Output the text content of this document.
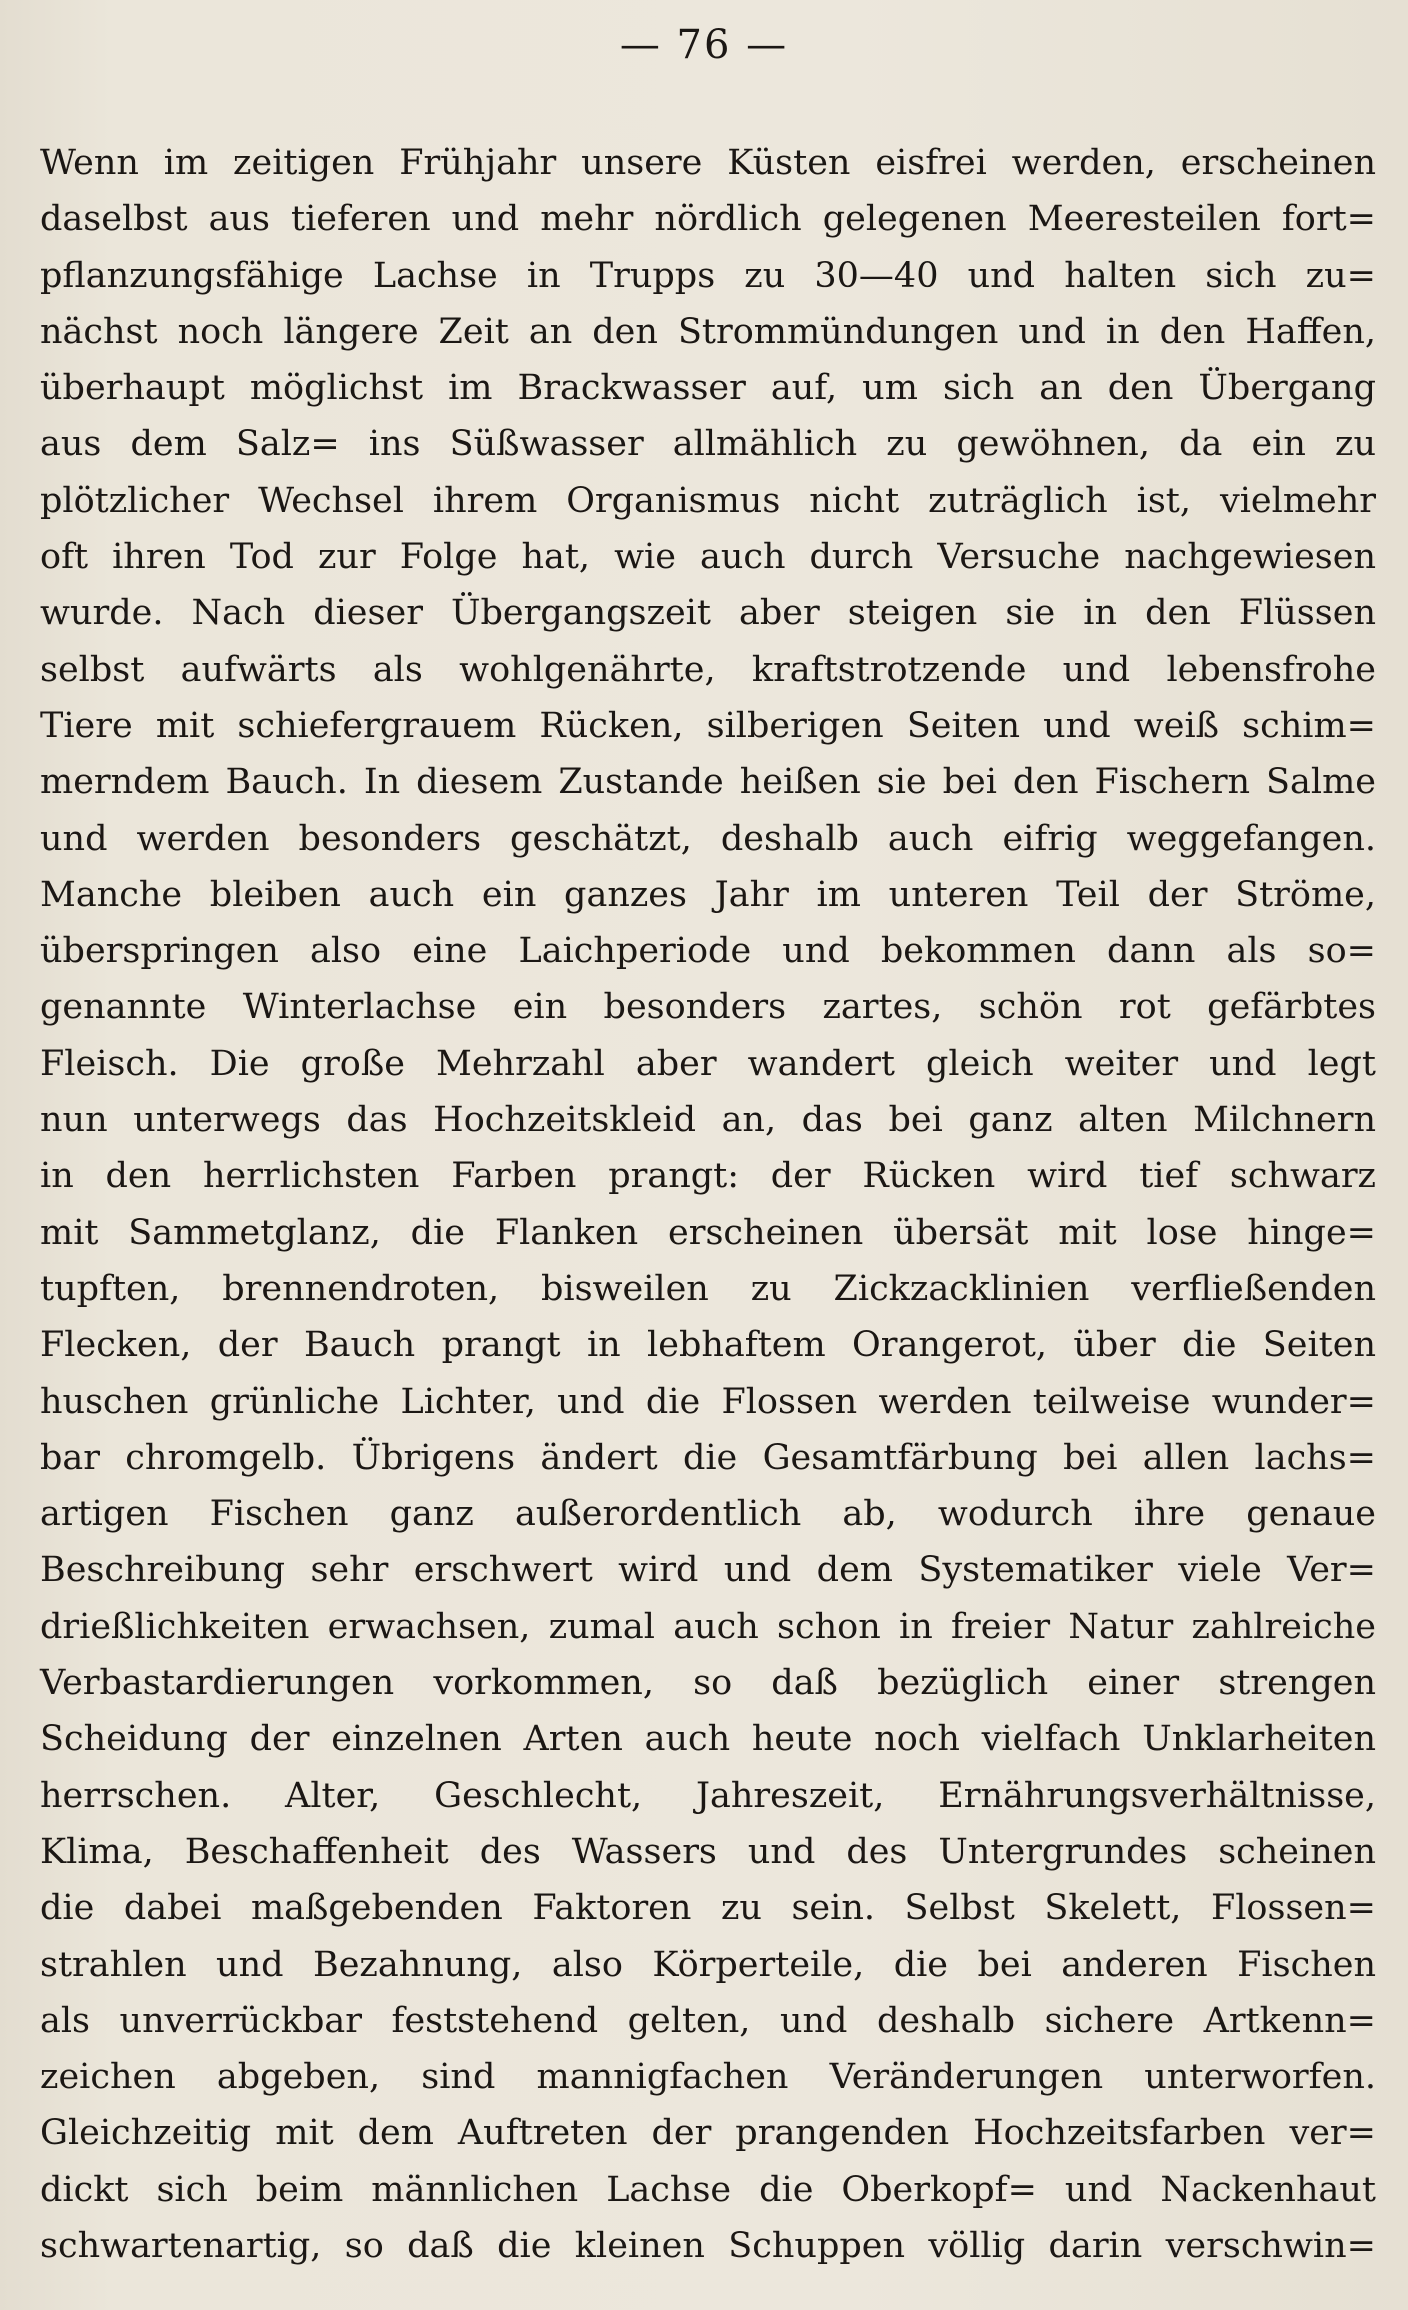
— 76 —
Wenn im zeitigen Frühjahr unsere Küsten eisfrei werden, erscheinen
daselbst aus tieferen und mehr nördlich gelegenen Meeresteilen fort=
pflanzungsfähige Lachse in Trupps zu 30—40 und halten sich zu=
nächst noch längere Zeit an den Strommündungen und in den Haffen,
überhaupt möglichst im Brackwasser auf, um sich an den Übergang
aus dem Salz= ins Süßwasser allmählich zu gewöhnen, da ein zu
plötzlicher Wechsel ihrem Organismus nicht zuträglich ist, vielmehr
oft ihren Tod zur Folge hat, wie auch durch Versuche nachgewiesen
wurde. Nach dieser Übergangszeit aber steigen sie in den Flüssen
selbst aufwärts als wohlgenährte, kraftstrotzende und lebensfrohe
Tiere mit schiefergrauem Rücken, silberigen Seiten und weiß schim=
merndem Bauch. In diesem Zustande heißen sie bei den Fischern Salme
und werden besonders geschätzt, deshalb auch eifrig weggefangen.
Manche bleiben auch ein ganzes Jahr im unteren Teil der Ströme,
überspringen also eine Laichperiode und bekommen dann als so=
genannte Winterlachse ein besonders zartes, schön rot gefärbtes
Fleisch. Die große Mehrzahl aber wandert gleich weiter und legt
nun unterwegs das Hochzeitskleid an, das bei ganz alten Milchnern
in den herrlichsten Farben prangt: der Rücken wird tief schwarz
mit Sammetglanz, die Flanken erscheinen übersät mit lose hinge=
tupften, brennendroten, bisweilen zu Zickzacklinien verfließenden
Flecken, der Bauch prangt in lebhaftem Orangerot, über die Seiten
huschen grünliche Lichter, und die Flossen werden teilweise wunder=
bar chromgelb. Übrigens ändert die Gesamtfärbung bei allen lachs=
artigen Fischen ganz außerordentlich ab, wodurch ihre genaue
Beschreibung sehr erschwert wird und dem Systematiker viele Ver=
drießlichkeiten erwachsen, zumal auch schon in freier Natur zahlreiche
Verbastardierungen vorkommen, so daß bezüglich einer strengen
Scheidung der einzelnen Arten auch heute noch vielfach Unklarheiten
herrschen. Alter, Geschlecht, Jahreszeit, Ernährungsverhältnisse,
Klima, Beschaffenheit des Wassers und des Untergrundes scheinen
die dabei maßgebenden Faktoren zu sein. Selbst Skelett, Flossen=
strahlen und Bezahnung, also Körperteile, die bei anderen Fischen
als unverrückbar feststehend gelten, und deshalb sichere Artkenn=
zeichen abgeben, sind mannigfachen Veränderungen unterworfen.
Gleichzeitig mit dem Auftreten der prangenden Hochzeitsfarben ver=
dickt sich beim männlichen Lachse die Oberkopf= und Nackenhaut
schwartenartig, so daß die kleinen Schuppen völlig darin verschwin=
